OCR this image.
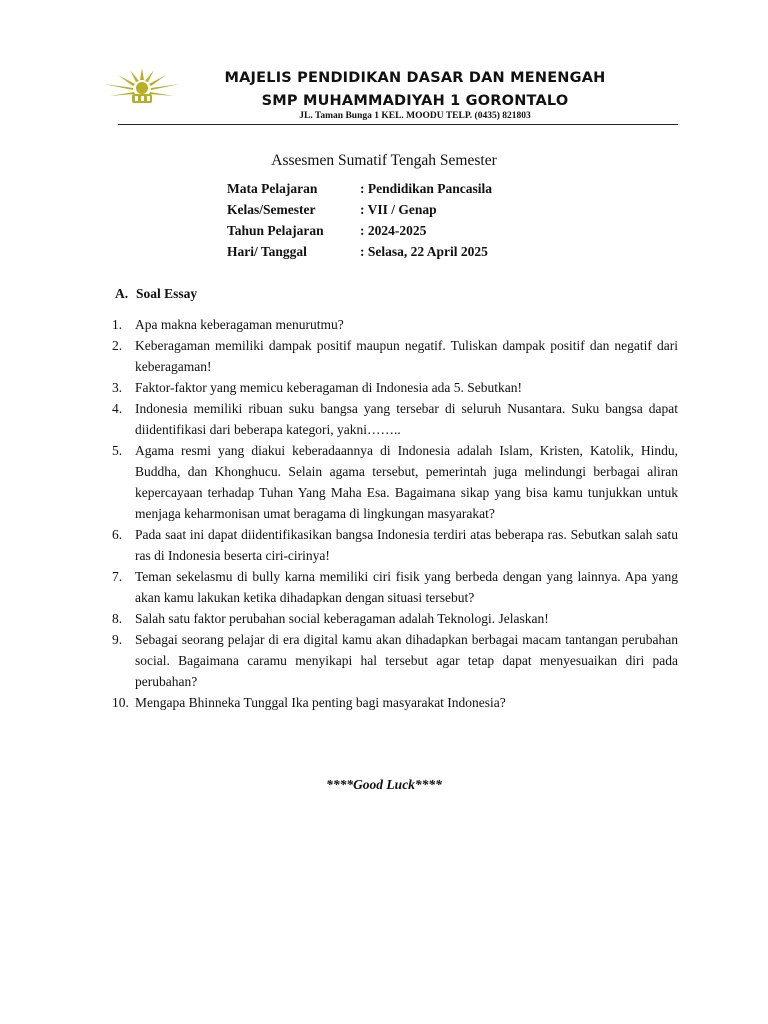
MAJELIS PENDIDIKAN DASAR DAN MENENGAH
SMP MUHAMMADIYAH 1 GORONTALO
JL. Taman Bunga 1 KEL. MOODU TELP. (0435) 821803
Assesmen Sumatif Tengah Semester
Mata Pelajaran	: Pendidikan Pancasila
Kelas/Semester	: VII / Genap
Tahun Pelajaran	: 2024-2025
Hari/ Tanggal	: Selasa, 22 April 2025
A. Soal Essay
1. Apa makna keberagaman menurutmu?
2. Keberagaman memiliki dampak positif maupun negatif. Tuliskan dampak positif dan negatif dari keberagaman!
3. Faktor-faktor yang memicu keberagaman di Indonesia ada 5. Sebutkan!
4. Indonesia memiliki ribuan suku bangsa yang tersebar di seluruh Nusantara. Suku bangsa dapat diidentifikasi dari beberapa kategori, yakni……..
5. Agama resmi yang diakui keberadaannya di Indonesia adalah Islam, Kristen, Katolik, Hindu, Buddha, dan Khonghucu. Selain agama tersebut, pemerintah juga melindungi berbagai aliran kepercayaan terhadap Tuhan Yang Maha Esa. Bagaimana sikap yang bisa kamu tunjukkan untuk menjaga keharmonisan umat beragama di lingkungan masyarakat?
6. Pada saat ini dapat diidentifikasikan bangsa Indonesia terdiri atas beberapa ras. Sebutkan salah satu ras di Indonesia beserta ciri-cirinya!
7. Teman sekelasmu di bully karna memiliki ciri fisik yang berbeda dengan yang lainnya. Apa yang akan kamu lakukan ketika dihadapkan dengan situasi tersebut?
8. Salah satu faktor perubahan social keberagaman adalah Teknologi. Jelaskan!
9. Sebagai seorang pelajar di era digital kamu akan dihadapkan berbagai macam tantangan perubahan social. Bagaimana caramu menyikapi hal tersebut agar tetap dapat menyesuaikan diri pada perubahan?
10. Mengapa Bhinneka Tunggal Ika penting bagi masyarakat Indonesia?
****Good Luck****
